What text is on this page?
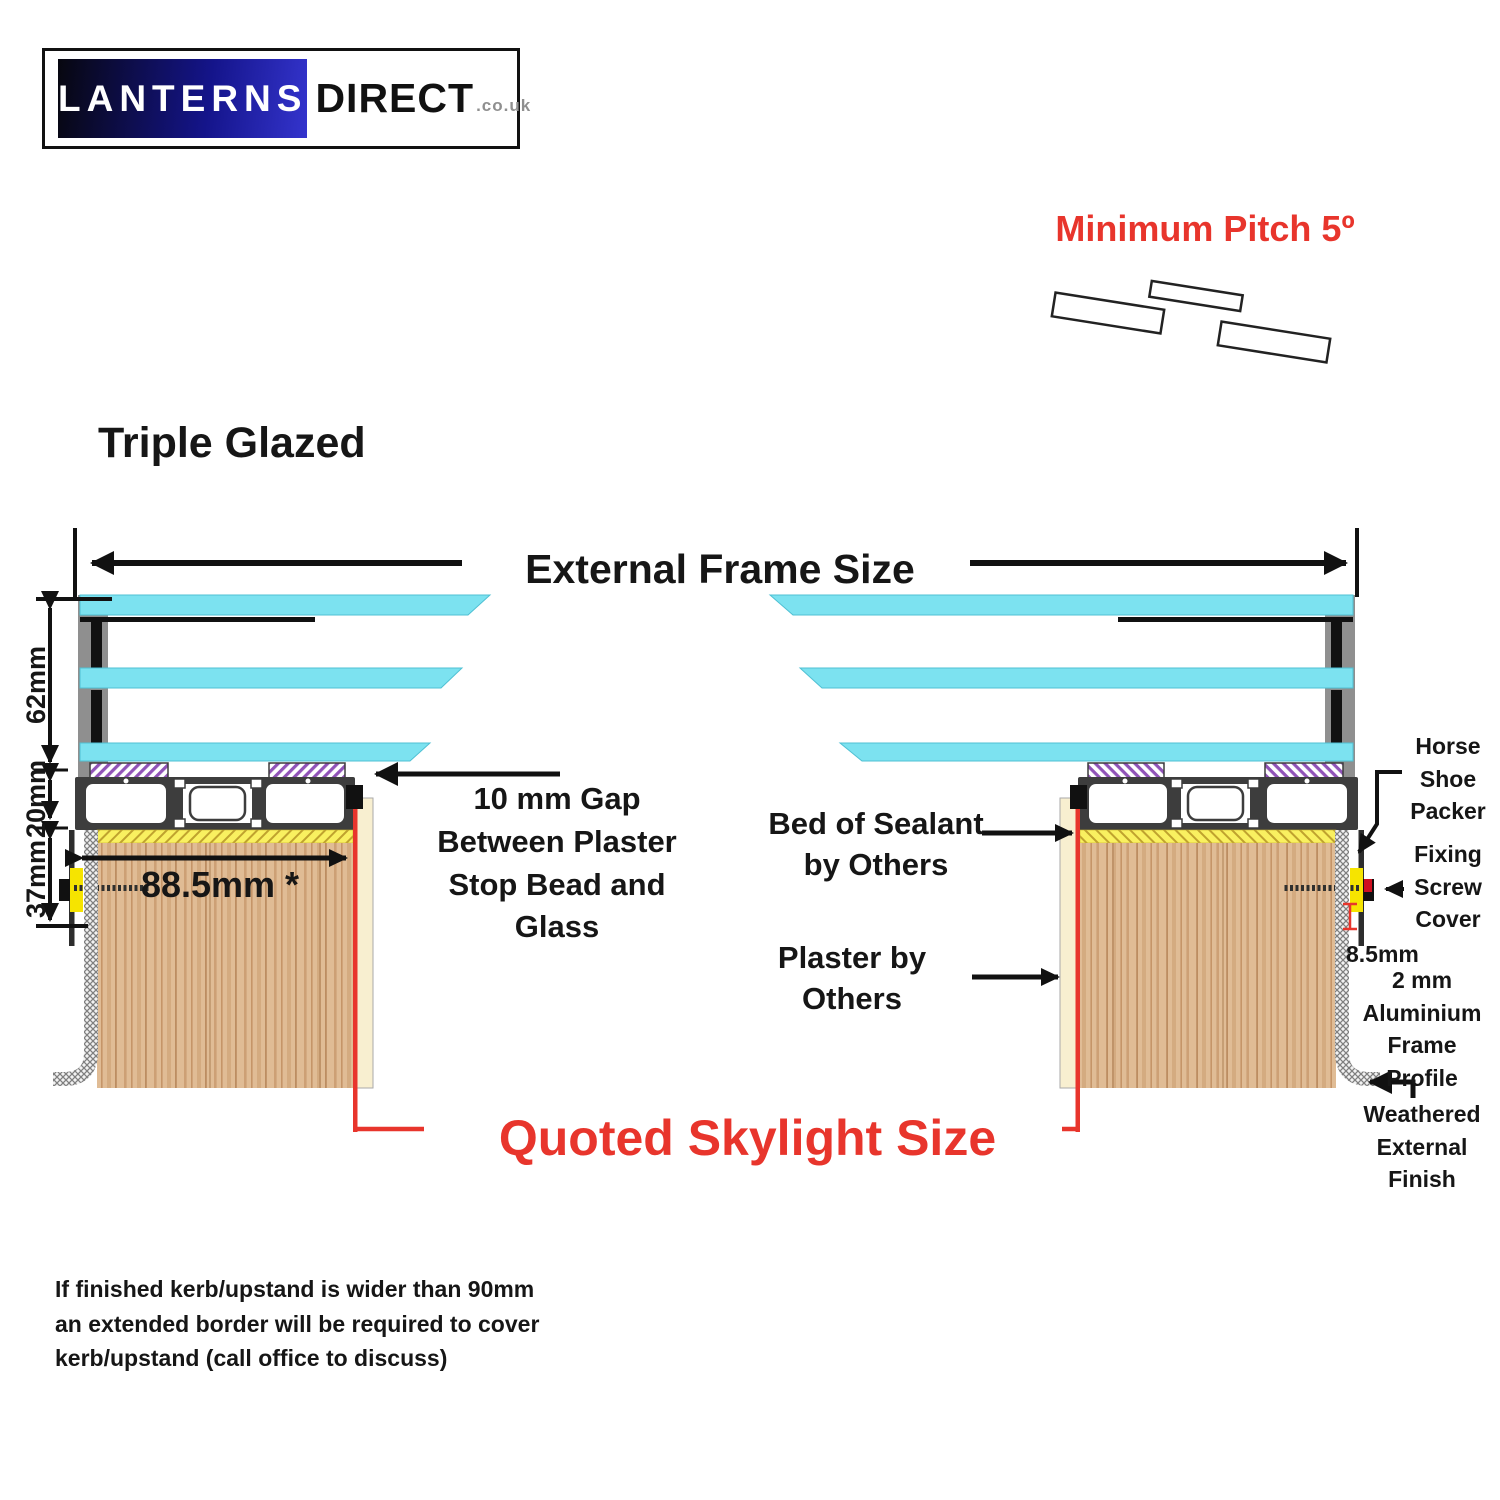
LANTERNS DIRECT .co.uk
Minimum Pitch 5º
Triple Glazed
External Frame Size
Quoted Skylight Size
62mm
20mm
37mm	88.5mm *
8.5mm
10 mm Gap
Between Plaster
Stop Bead and
Glass
Bed of Sealant
by Others
Plaster by
Others
Horse
Shoe
Packer
Fixing
Screw
Cover
2 mm
Aluminium
Frame Profile
Weathered
External
Finish
If finished kerb/upstand is wider than 90mm
an extended border will be required to cover
kerb/upstand (call office to discuss)
